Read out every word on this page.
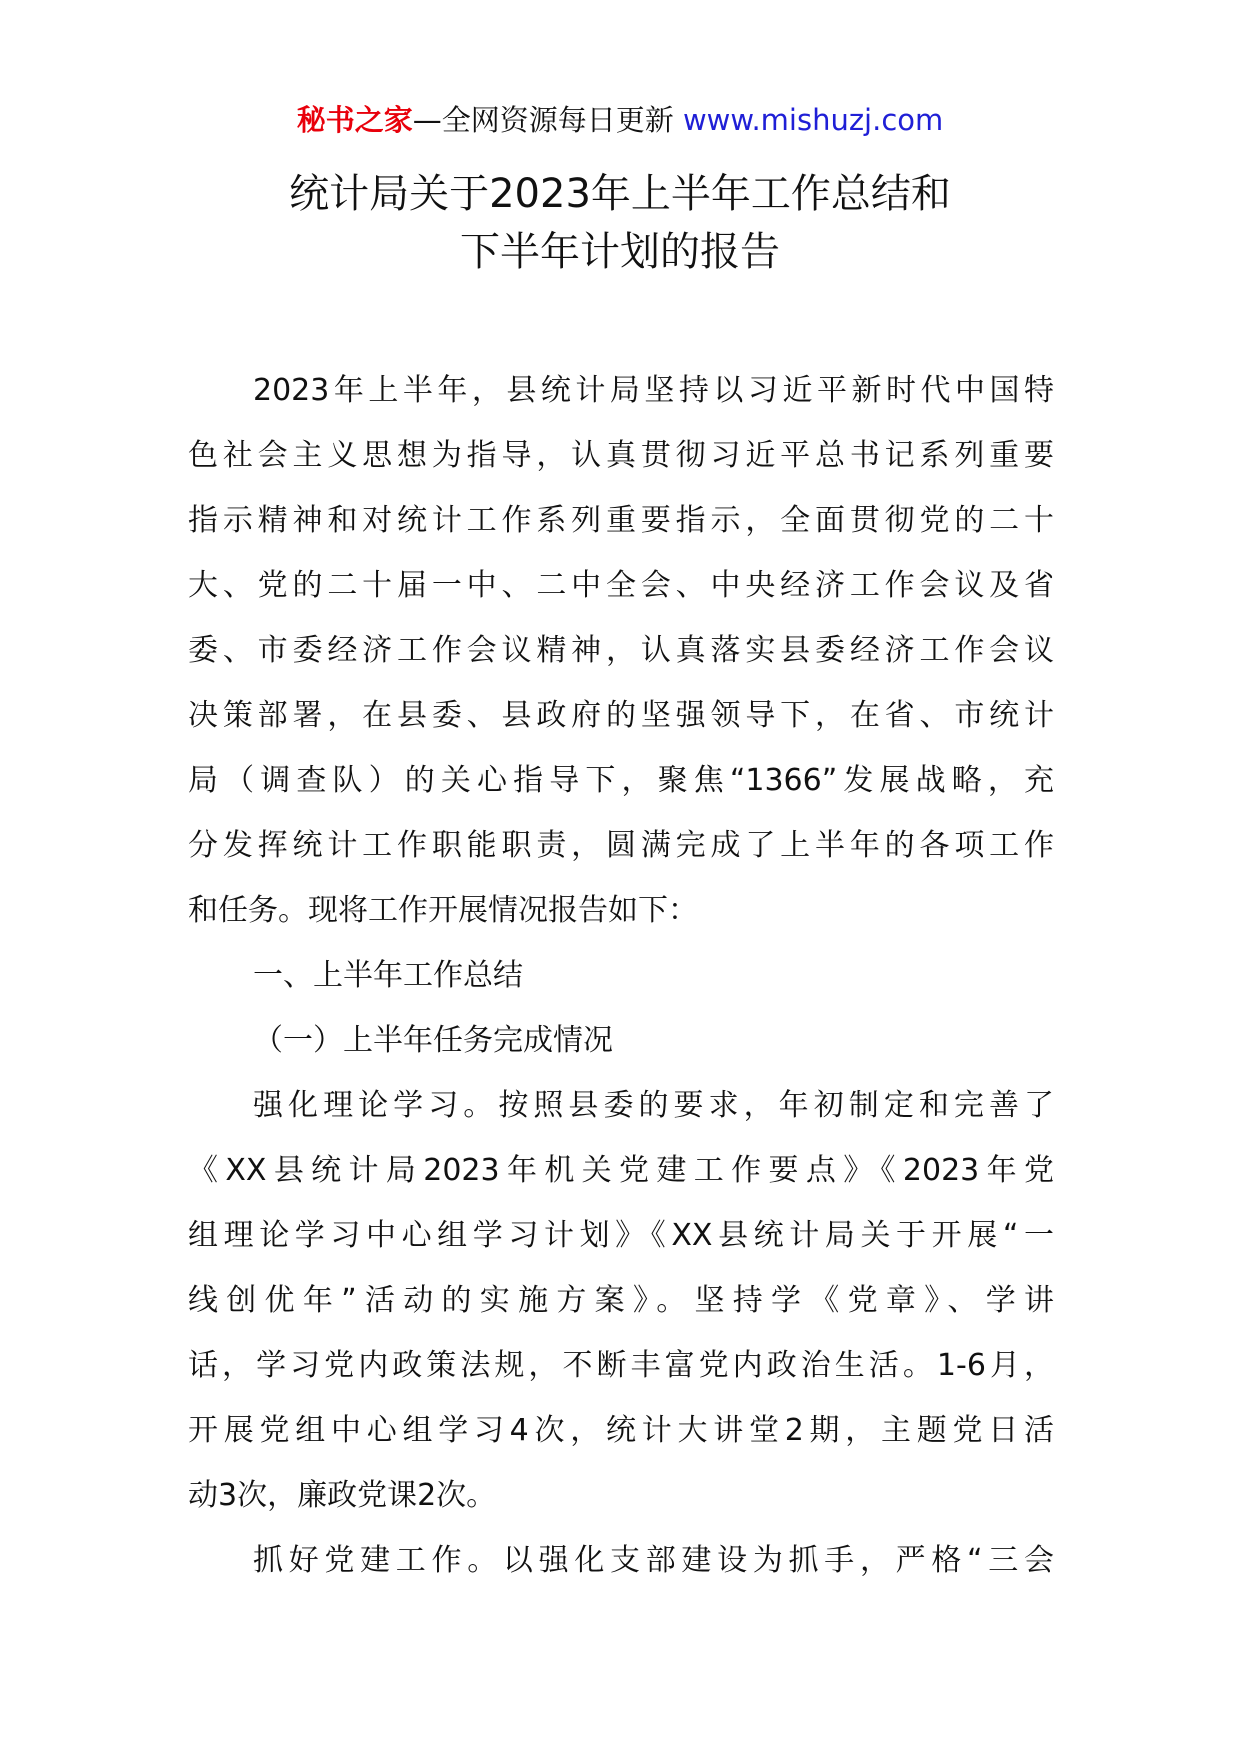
秘书之家—全网资源每日更新 www.mishuzj.com
统计局关于2023年上半年工作总结和
下半年计划的报告
2023年上半年，县统计局坚持以习近平新时代中国特
色社会主义思想为指导，认真贯彻习近平总书记系列重要
指示精神和对统计工作系列重要指示，全面贯彻党的二十
大、党的二十届一中、二中全会、中央经济工作会议及省
委、市委经济工作会议精神，认真落实县委经济工作会议
决策部署，在县委、县政府的坚强领导下，在省、市统计
局（调查队）的关心指导下，聚焦“1366”发展战略，充
分发挥统计工作职能职责，圆满完成了上半年的各项工作
和任务。现将工作开展情况报告如下：
一、上半年工作总结
（一）上半年任务完成情况
强化理论学习。按照县委的要求，年初制定和完善了
《XX县统计局2023年机关党建工作要点》《2023年党
组理论学习中心组学习计划》《XX县统计局关于开展“一
线创优年”活动的实施方案》。坚持学《党章》、学讲
话，学习党内政策法规，不断丰富党内政治生活。1-6月，
开展党组中心组学习4次，统计大讲堂2期，主题党日活
动3次，廉政党课2次。
抓好党建工作。以强化支部建设为抓手，严格“三会
